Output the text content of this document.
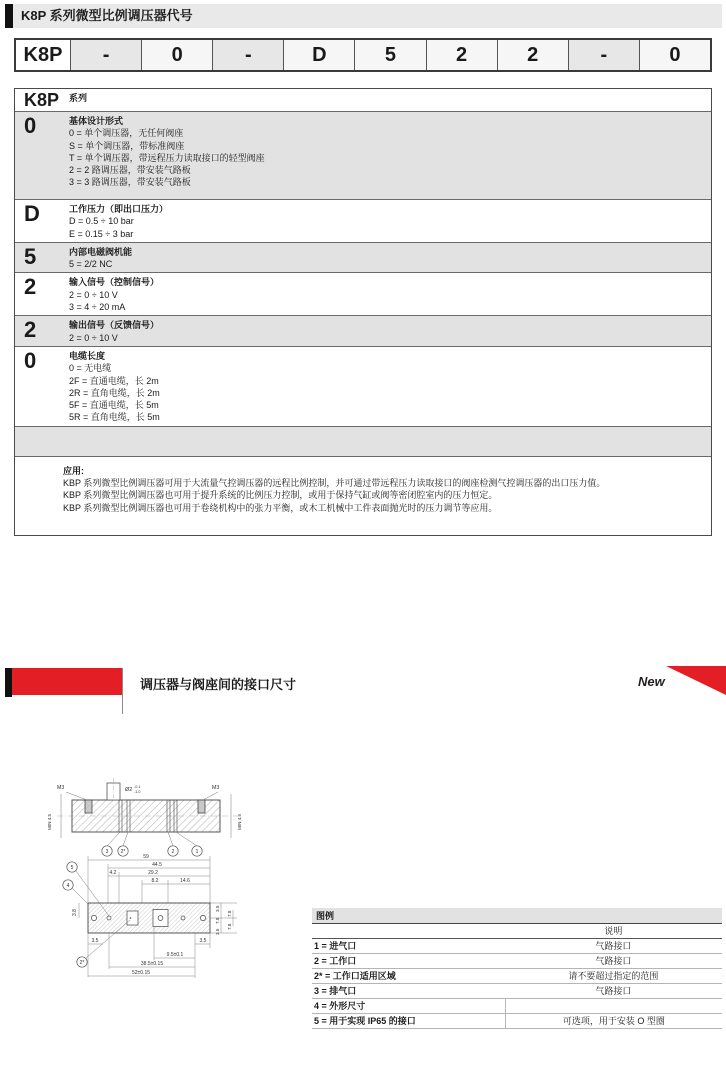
K8P 系列微型比例调压器代号
K8P	-	0	-	D	5	2	2	-	0
K8P	系列
0	基体设计形式
0 = 单个调压器，无任何阀座
S = 单个调压器，带标准阀座
T = 单个调压器，带远程压力读取接口的轻型阀座
2 = 2 路调压器，带安装气路板
3 = 3 路调压器，带安装气路板
D	工作压力（即出口压力）
D = 0.5 ÷ 10 bar
E = 0.15 ÷ 3 bar
5	内部电磁阀机能
5 = 2/2 NC
2	输入信号（控制信号）
2 = 0 ÷ 10 V
3 = 4 ÷ 20 mA
2	输出信号（反馈信号）
2 = 0 ÷ 10 V
0	电缆长度
0 = 无电缆
2F = 直通电缆，长 2m
2R = 直角电缆，长 2m
5F = 直通电缆，长 5m
5R = 直角电缆，长 5m
应用:
KBP 系列微型比例调压器可用于大流量气控调压器的远程比例控制，并可通过带远程压力读取接口的阀座检测气控调压器的出口压力值。
KBP 系列微型比例调压器也可用于提升系统的比例压力控制，或用于保持气缸或阀等密闭腔室内的压力恒定。
KBP 系列微型比例调压器也可用于卷绕机构中的张力平衡，或木工机械中工件表面抛光时的压力调节等应用。
调压器与阀座间的接口尺寸	New
M3	M3
Ø2 -0.1
-1.0
MIN 4.5	MIN 4.5
3 2*	2	1
59
44.5
4.2	29.2
8.2	14.6
3.8
3.5
7.8
3.5
7.8
7.8
3.5	3.5
9.5±0.1
38.5±0.15
52±0.15
5
4
2*
图例
说明
1 = 进气口	气路接口
2 = 工作口	气路接口
2* = 工作口适用区域	请不要超过指定的范围
3 = 排气口	气路接口
4 = 外形尺寸
5 = 用于实现 IP65 的接口	可选项，用于安装 O 型圈
